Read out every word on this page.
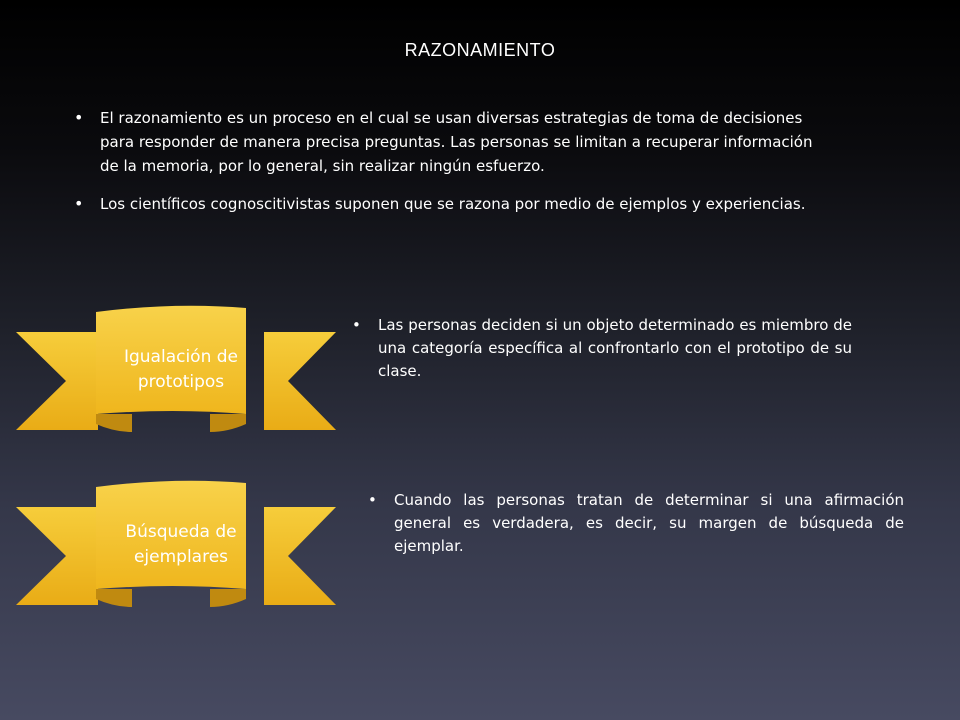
RAZONAMIENTO
• El razonamiento es un proceso en el cual se usan diversas estrategias de toma de decisiones para responder de manera precisa preguntas. Las personas se limitan a recuperar información de la memoria, por lo general, sin realizar ningún esfuerzo.
• Los científicos cognoscitivistas suponen que se razona por medio de ejemplos y experiencias.
Igualación de prototipos
Búsqueda de ejemplares
• Las personas deciden si un objeto determinado es miembro de una categoría específica al confrontarlo con el prototipo de su clase.
• Cuando las personas tratan de determinar si una afirmación general es verdadera, es decir, su margen de búsqueda de ejemplar.
